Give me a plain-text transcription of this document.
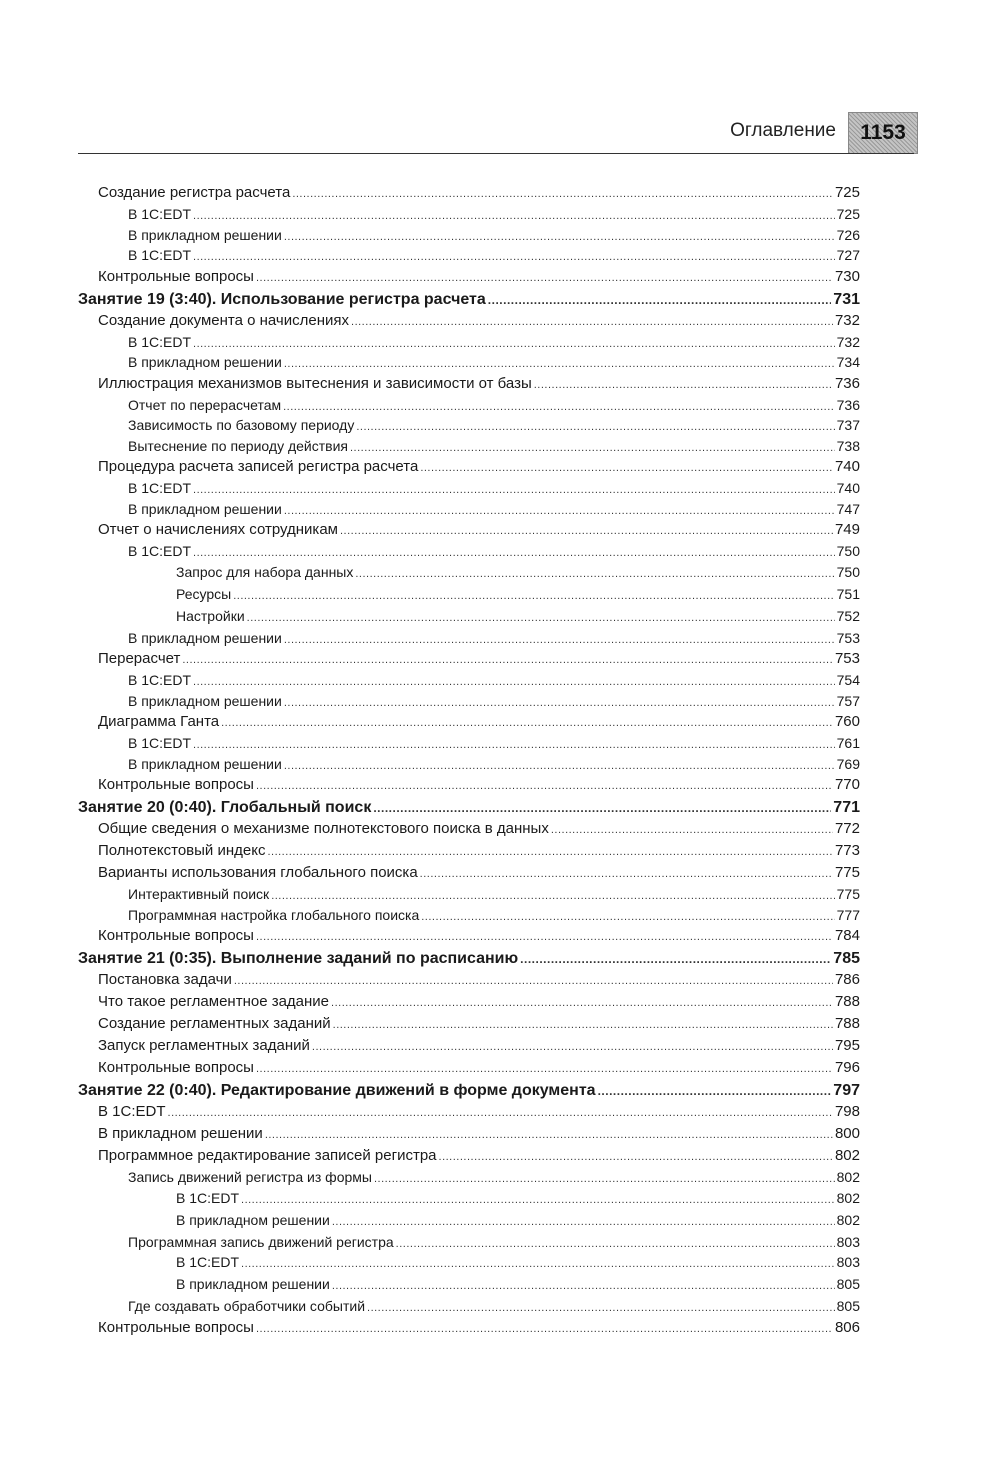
Оглавление 1153
Создание регистра расчета .....	725
В 1С:EDT .....	725
В прикладном решении .....	726
В 1С:EDT .....	727
Контрольные вопросы .....	730
Занятие 19 (3:40). Использование регистра расчета .....	731
Создание документа о начислениях .....	732
В 1С:EDT .....	732
В прикладном решении .....	734
Иллюстрация механизмов вытеснения и зависимости от базы .....	736
Отчет по перерасчетам .....	736
Зависимость по базовому периоду .....	737
Вытеснение по периоду действия .....	738
Процедура расчета записей регистра расчета .....	740
В 1С:EDT .....	740
В прикладном решении .....	747
Отчет о начислениях сотрудникам .....	749
В 1С:EDT .....	750
Запрос для набора данных .....	750
Ресурсы .....	751
Настройки .....	752
В прикладном решении .....	753
Перерасчет .....	753
В 1С:EDT .....	754
В прикладном решении .....	757
Диаграмма Ганта .....	760
В 1С:EDT .....	761
В прикладном решении .....	769
Контрольные вопросы .....	770
Занятие 20 (0:40). Глобальный поиск .....	771
Общие сведения о механизме полнотекстового поиска в данных .....	772
Полнотекстовый индекс .....	773
Варианты использования глобального поиска .....	775
Интерактивный поиск .....	775
Программная настройка глобального поиска .....	777
Контрольные вопросы .....	784
Занятие 21 (0:35). Выполнение заданий по расписанию .....	785
Постановка задачи .....	786
Что такое регламентное задание .....	788
Создание регламентных заданий .....	788
Запуск регламентных заданий .....	795
Контрольные вопросы .....	796
Занятие 22 (0:40). Редактирование движений в форме документа .....	797
В 1С:EDT .....	798
В прикладном решении .....	800
Программное редактирование записей регистра .....	802
Запись движений регистра из формы .....	802
В 1С:EDT .....	802
В прикладном решении .....	802
Программная запись движений регистра .....	803
В 1С:EDT .....	803
В прикладном решении .....	805
Где создавать обработчики событий .....	805
Контрольные вопросы .....	806
